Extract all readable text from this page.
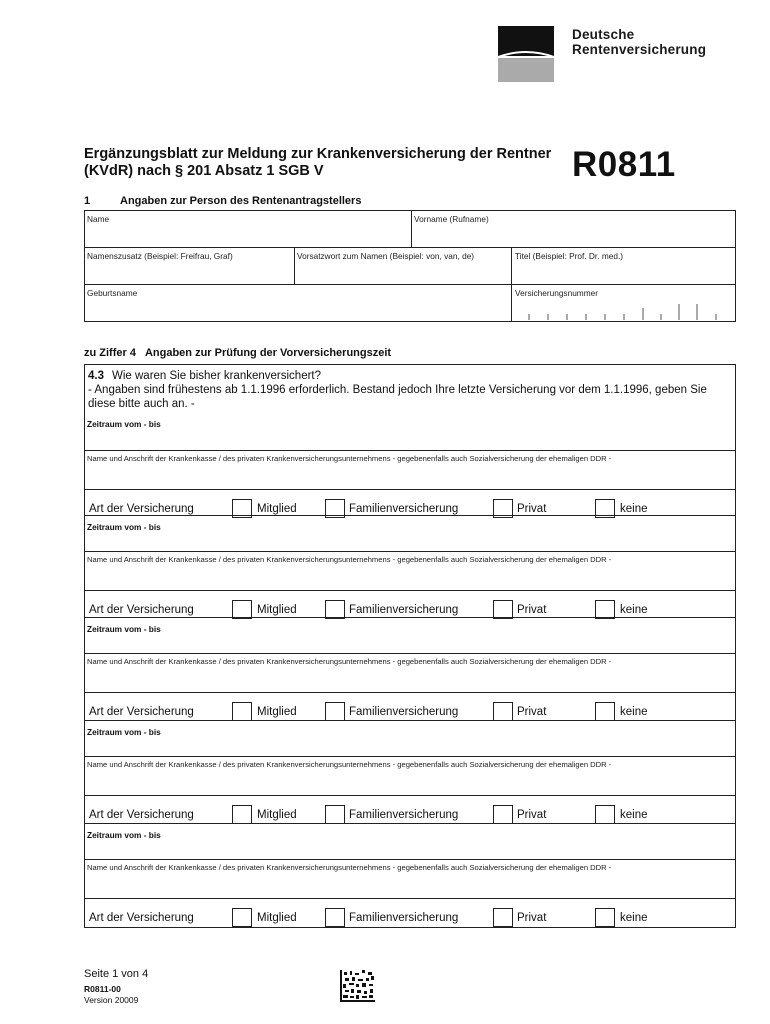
Deutsche
Rentenversicherung
Ergänzungsblatt zur Meldung zur Krankenversicherung der Rentner (KVdR) nach § 201 Absatz 1 SGB V	R0811
1	Angaben zur Person des Rentenantragstellers
Name	Vorname (Rufname)
Namenszusatz (Beispiel: Freifrau, Graf)	Vorsatzwort zum Namen (Beispiel: von, van, de)	Titel (Beispiel: Prof. Dr. med.)
Geburtsname	Versicherungsnummer
zu Ziffer 4 Angaben zur Prüfung der Vorversicherungszeit
4.3 Wie waren Sie bisher krankenversichert?
- Angaben sind frühestens ab 1.1.1996 erforderlich. Bestand jedoch Ihre letzte Versicherung vor dem 1.1.1996, geben Sie diese bitte auch an. -
Zeitraum vom - bis
Name und Anschrift der Krankenkasse / des privaten Krankenversicherungsunternehmens - gegebenenfalls auch Sozialversicherung der ehemaligen DDR -
Art der Versicherung	Mitglied	Familienversicherung	Privat	keine
Zeitraum vom - bis
Name und Anschrift der Krankenkasse / des privaten Krankenversicherungsunternehmens - gegebenenfalls auch Sozialversicherung der ehemaligen DDR -
Art der Versicherung	Mitglied	Familienversicherung	Privat	keine
Zeitraum vom - bis
Name und Anschrift der Krankenkasse / des privaten Krankenversicherungsunternehmens - gegebenenfalls auch Sozialversicherung der ehemaligen DDR -
Art der Versicherung	Mitglied	Familienversicherung	Privat	keine
Zeitraum vom - bis
Name und Anschrift der Krankenkasse / des privaten Krankenversicherungsunternehmens - gegebenenfalls auch Sozialversicherung der ehemaligen DDR -
Art der Versicherung	Mitglied	Familienversicherung	Privat	keine
Zeitraum vom - bis
Name und Anschrift der Krankenkasse / des privaten Krankenversicherungsunternehmens - gegebenenfalls auch Sozialversicherung der ehemaligen DDR -
Art der Versicherung	Mitglied	Familienversicherung	Privat	keine
Seite 1 von 4
R0811-00
Version 20009
